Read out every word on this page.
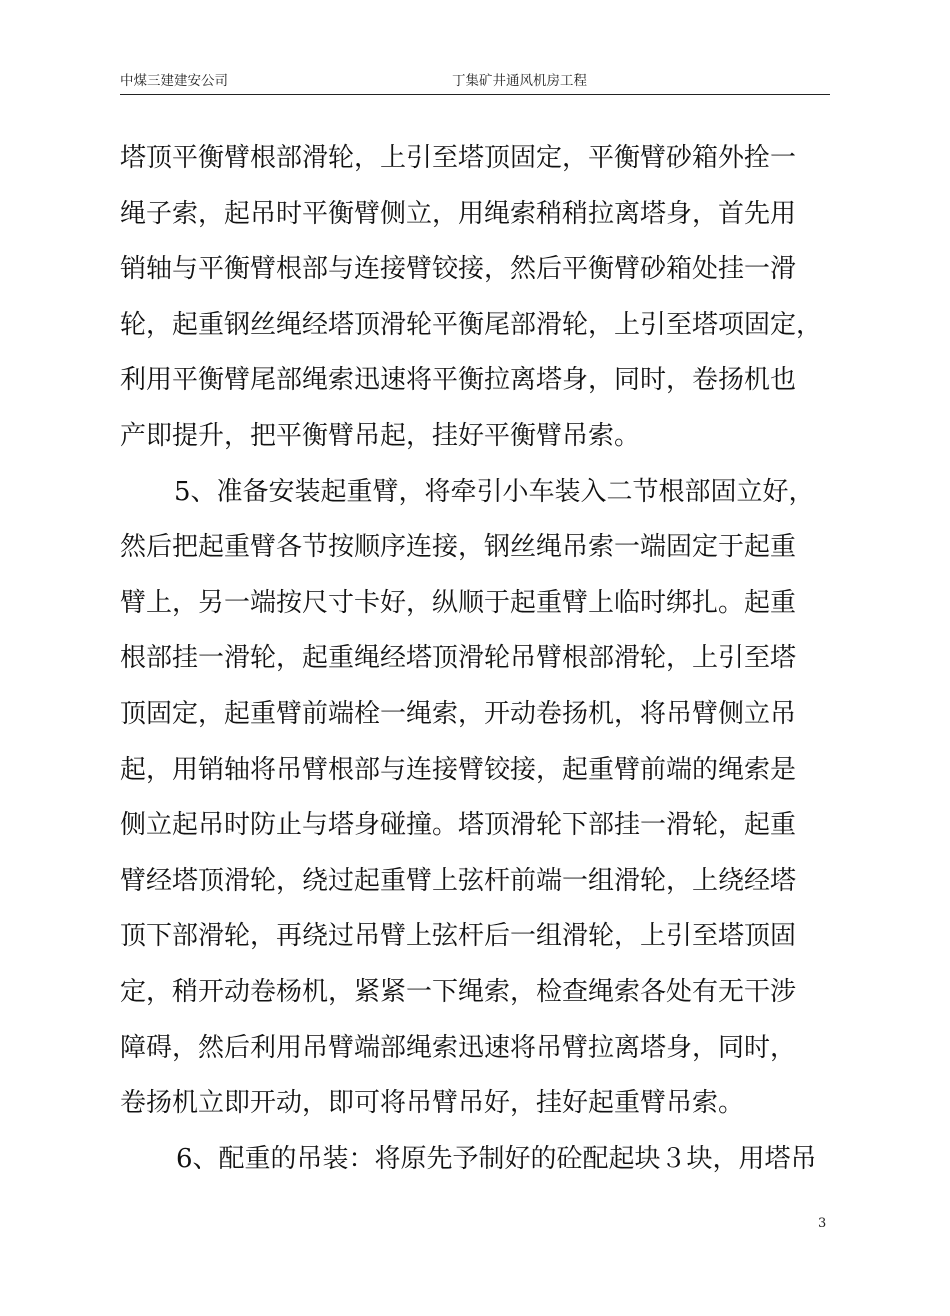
中煤三建建安公司	丁集矿井通风机房工程
塔顶平衡臂根部滑轮，上引至塔顶固定，平衡臂砂箱外拴一
绳子索，起吊时平衡臂侧立，用绳索稍稍拉离塔身，首先用
销轴与平衡臂根部与连接臂铰接，然后平衡臂砂箱处挂一滑
轮，起重钢丝绳经塔顶滑轮平衡尾部滑轮，上引至塔项固定，
利用平衡臂尾部绳索迅速将平衡拉离塔身，同时，卷扬机也
产即提升，把平衡臂吊起，挂好平衡臂吊索。
5、准备安装起重臂，将牵引小车装入二节根部固立好，
然后把起重臂各节按顺序连接，钢丝绳吊索一端固定于起重
臂上，另一端按尺寸卡好，纵顺于起重臂上临时绑扎。起重
根部挂一滑轮，起重绳经塔顶滑轮吊臂根部滑轮，上引至塔
顶固定，起重臂前端栓一绳索，开动卷扬机，将吊臂侧立吊
起，用销轴将吊臂根部与连接臂铰接，起重臂前端的绳索是
侧立起吊时防止与塔身碰撞。塔顶滑轮下部挂一滑轮，起重
臂经塔顶滑轮，绕过起重臂上弦杆前端一组滑轮，上绕经塔
顶下部滑轮，再绕过吊臂上弦杆后一组滑轮，上引至塔顶固
定，稍开动卷杨机，紧紧一下绳索，检查绳索各处有无干涉
障碍，然后利用吊臂端部绳索迅速将吊臂拉离塔身，同时，
卷扬机立即开动，即可将吊臂吊好，挂好起重臂吊索。
6、配重的吊装：将原先予制好的砼配起块３块，用塔吊
3
